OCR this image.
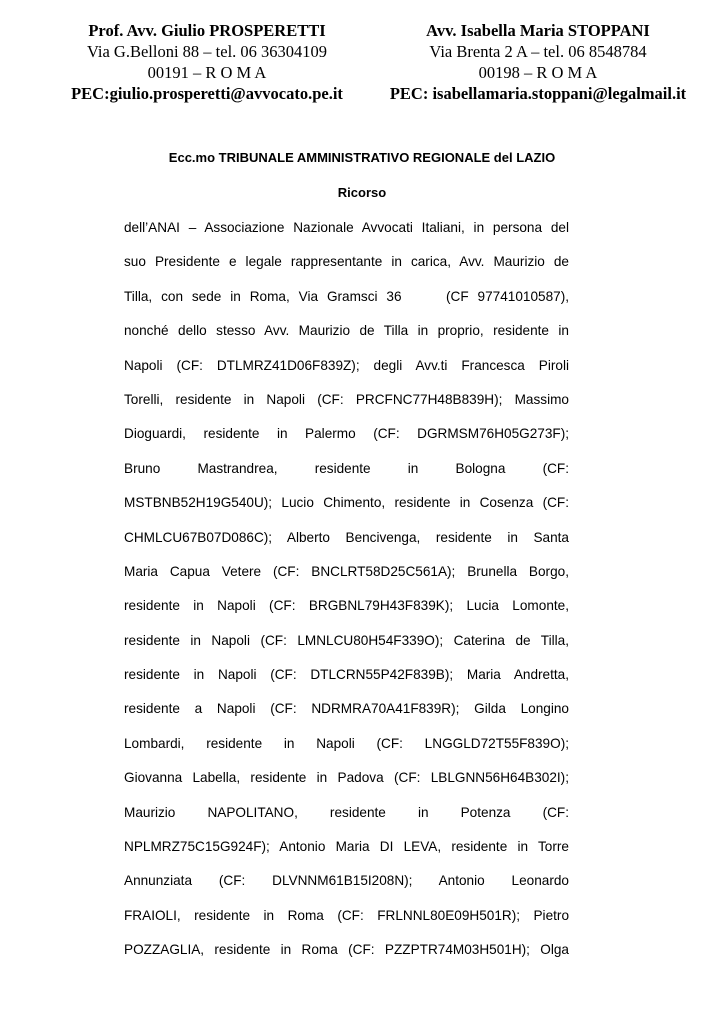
Prof. Avv. Giulio PROSPERETTI
Via G.Belloni 88 – tel. 06 36304109
00191 – R O M A
PEC:giulio.prosperetti@avvocato.pe.it
Avv. Isabella Maria STOPPANI
Via Brenta 2 A – tel. 06 8548784
00198 – R O M A
PEC: isabellamaria.stoppani@legalmail.it
Ecc.mo TRIBUNALE AMMINISTRATIVO REGIONALE del LAZIO
Ricorso
dell’ANAI – Associazione Nazionale Avvocati Italiani, in persona del
suo Presidente e legale rappresentante in carica, Avv. Maurizio de
Tilla, con sede in Roma, Via Gramsci 36     (CF 97741010587),
nonché dello stesso Avv. Maurizio de Tilla in proprio, residente in
Napoli (CF: DTLMRZ41D06F839Z); degli Avv.ti Francesca Piroli
Torelli, residente in Napoli (CF: PRCFNC77H48B839H); Massimo
Dioguardi, residente in Palermo (CF: DGRMSM76H05G273F);
Bruno Mastrandrea, residente in Bologna (CF:
MSTBNB52H19G540U); Lucio Chimento, residente in Cosenza (CF:
CHMLCU67B07D086C); Alberto Bencivenga, residente in Santa
Maria Capua Vetere (CF: BNCLRT58D25C561A); Brunella Borgo,
residente in Napoli (CF: BRGBNL79H43F839K); Lucia Lomonte,
residente in Napoli (CF: LMNLCU80H54F339O); Caterina de Tilla,
residente in Napoli (CF: DTLCRN55P42F839B); Maria Andretta,
residente a Napoli (CF: NDRMRA70A41F839R); Gilda Longino
Lombardi, residente in Napoli (CF: LNGGLD72T55F839O);
Giovanna Labella, residente in Padova (CF: LBLGNN56H64B302I);
Maurizio NAPOLITANO, residente in Potenza (CF:
NPLMRZ75C15G924F); Antonio Maria DI LEVA, residente in Torre
Annunziata (CF: DLVNNM61B15I208N); Antonio Leonardo
FRAIOLI, residente in Roma (CF: FRLNNL80E09H501R); Pietro
POZZAGLIA, residente in Roma (CF: PZZPTR74M03H501H); Olga
